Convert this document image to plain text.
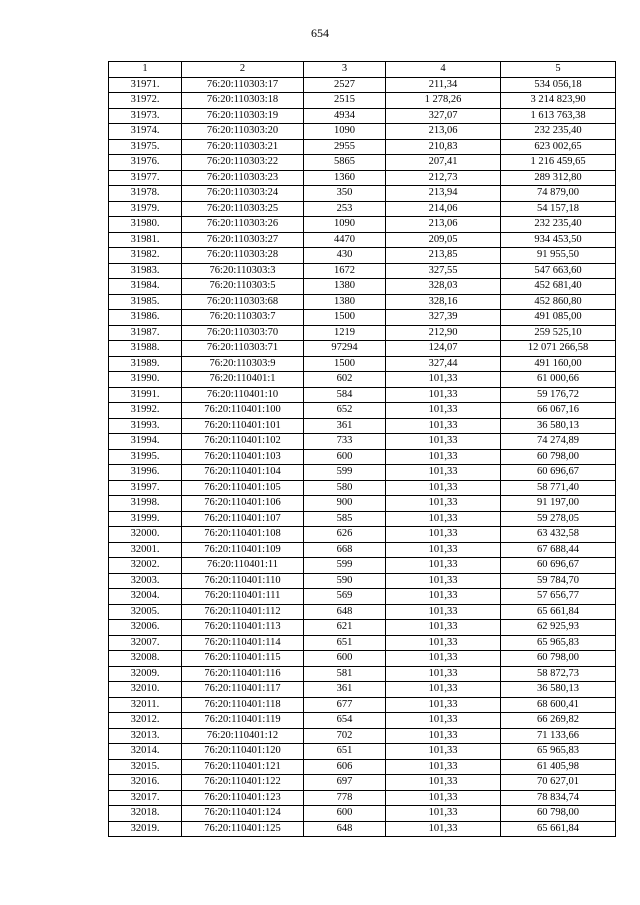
654
1	2	3	4	5
31971.	76:20:110303:17	2527	211,34	534 056,18
31972.	76:20:110303:18	2515	1 278,26	3 214 823,90
31973.	76:20:110303:19	4934	327,07	1 613 763,38
31974.	76:20:110303:20	1090	213,06	232 235,40
31975.	76:20:110303:21	2955	210,83	623 002,65
31976.	76:20:110303:22	5865	207,41	1 216 459,65
31977.	76:20:110303:23	1360	212,73	289 312,80
31978.	76:20:110303:24	350	213,94	74 879,00
31979.	76:20:110303:25	253	214,06	54 157,18
31980.	76:20:110303:26	1090	213,06	232 235,40
31981.	76:20:110303:27	4470	209,05	934 453,50
31982.	76:20:110303:28	430	213,85	91 955,50
31983.	76:20:110303:3	1672	327,55	547 663,60
31984.	76:20:110303:5	1380	328,03	452 681,40
31985.	76:20:110303:68	1380	328,16	452 860,80
31986.	76:20:110303:7	1500	327,39	491 085,00
31987.	76:20:110303:70	1219	212,90	259 525,10
31988.	76:20:110303:71	97294	124,07	12 071 266,58
31989.	76:20:110303:9	1500	327,44	491 160,00
31990.	76:20:110401:1	602	101,33	61 000,66
31991.	76:20:110401:10	584	101,33	59 176,72
31992.	76:20:110401:100	652	101,33	66 067,16
31993.	76:20:110401:101	361	101,33	36 580,13
31994.	76:20:110401:102	733	101,33	74 274,89
31995.	76:20:110401:103	600	101,33	60 798,00
31996.	76:20:110401:104	599	101,33	60 696,67
31997.	76:20:110401:105	580	101,33	58 771,40
31998.	76:20:110401:106	900	101,33	91 197,00
31999.	76:20:110401:107	585	101,33	59 278,05
32000.	76:20:110401:108	626	101,33	63 432,58
32001.	76:20:110401:109	668	101,33	67 688,44
32002.	76:20:110401:11	599	101,33	60 696,67
32003.	76:20:110401:110	590	101,33	59 784,70
32004.	76:20:110401:111	569	101,33	57 656,77
32005.	76:20:110401:112	648	101,33	65 661,84
32006.	76:20:110401:113	621	101,33	62 925,93
32007.	76:20:110401:114	651	101,33	65 965,83
32008.	76:20:110401:115	600	101,33	60 798,00
32009.	76:20:110401:116	581	101,33	58 872,73
32010.	76:20:110401:117	361	101,33	36 580,13
32011.	76:20:110401:118	677	101,33	68 600,41
32012.	76:20:110401:119	654	101,33	66 269,82
32013.	76:20:110401:12	702	101,33	71 133,66
32014.	76:20:110401:120	651	101,33	65 965,83
32015.	76:20:110401:121	606	101,33	61 405,98
32016.	76:20:110401:122	697	101,33	70 627,01
32017.	76:20:110401:123	778	101,33	78 834,74
32018.	76:20:110401:124	600	101,33	60 798,00
32019.	76:20:110401:125	648	101,33	65 661,84
